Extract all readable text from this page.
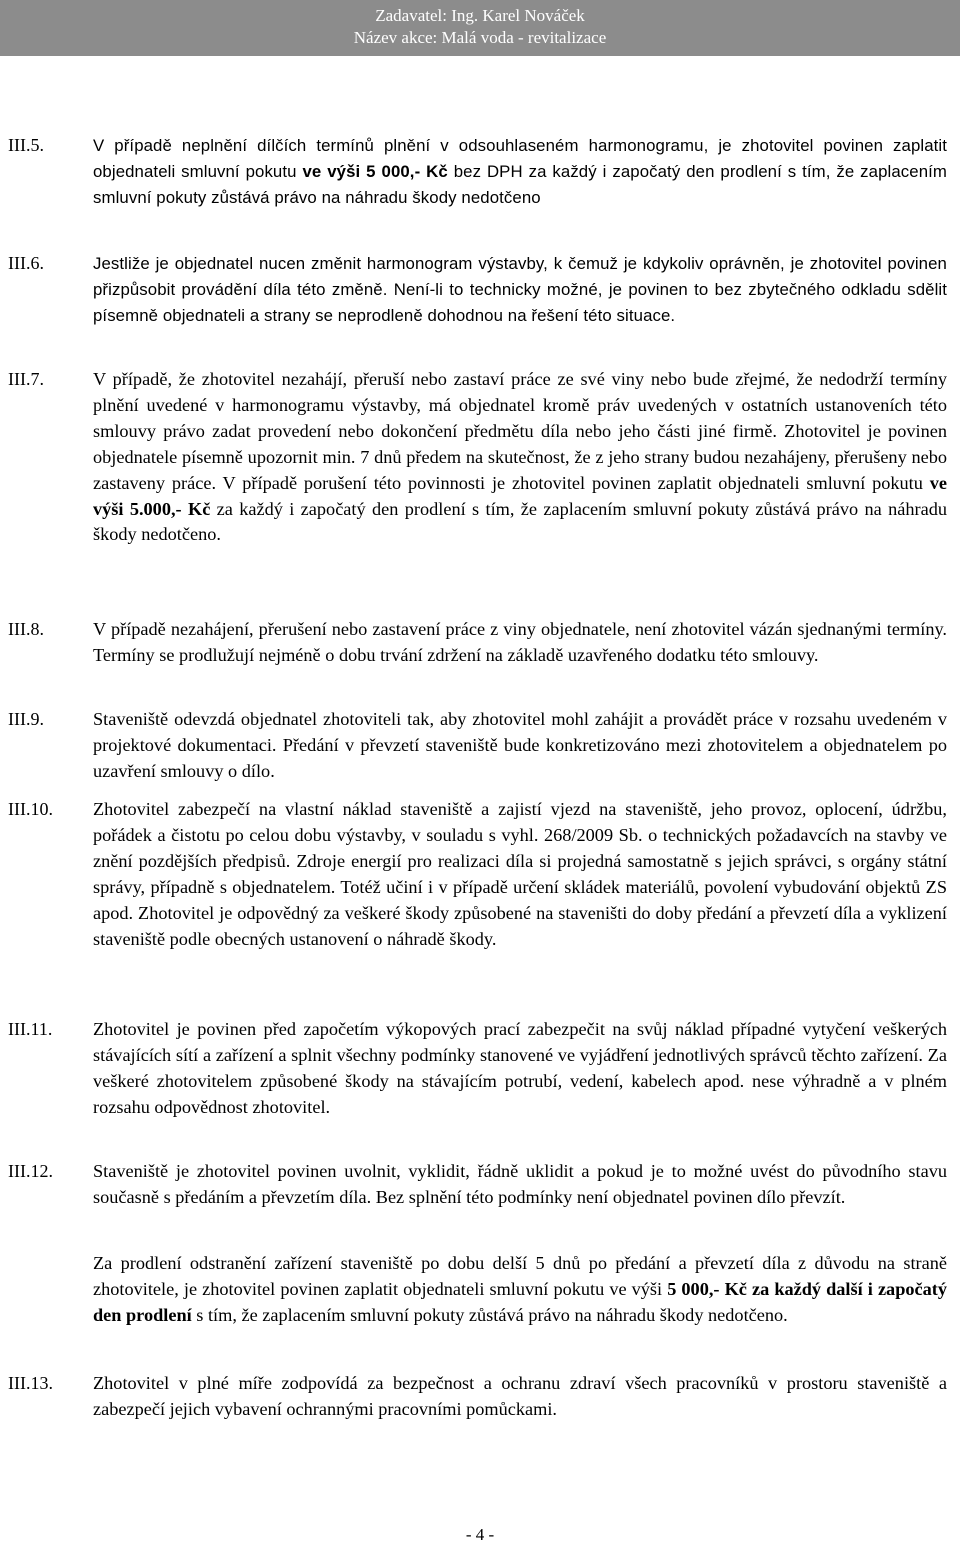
Zadavatel: Ing. Karel Nováček
Název akce: Malá voda - revitalizace
III.5.	V případě neplnění dílčích termínů plnění v odsouhlaseném harmonogramu, je zhotovitel povinen zaplatit objednateli smluvní pokutu ve výši 5 000,- Kč bez DPH za každý i započatý den prodlení s tím, že zaplacením smluvní pokuty zůstává právo na náhradu škody nedotčeno

III.6.	Jestliže je objednatel nucen změnit harmonogram výstavby, k čemuž je kdykoliv oprávněn, je zhotovitel povinen přizpůsobit provádění díla této změně. Není-li to technicky možné, je povinen to bez zbytečného odkladu sdělit písemně objednateli a strany se neprodleně dohodnou na řešení této situace.

III.7.	V případě, že zhotovitel nezahájí, přeruší nebo zastaví práce ze své viny nebo bude zřejmé, že nedodrží termíny plnění uvedené v harmonogramu výstavby, má objednatel kromě práv uvedených v ostatních ustanoveních této smlouvy právo zadat provedení nebo dokončení předmětu díla nebo jeho části jiné firmě. Zhotovitel je povinen objednatele písemně upozornit min. 7 dnů předem na skutečnost, že z jeho strany budou nezahájeny, přerušeny nebo zastaveny práce. V případě porušení této povinnosti je zhotovitel povinen zaplatit objednateli smluvní pokutu ve výši 5.000,- Kč za každý i započatý den prodlení s tím, že zaplacením smluvní pokuty zůstává právo na náhradu škody nedotčeno.

III.8.	V případě nezahájení, přerušení nebo zastavení práce z viny objednatele, není zhotovitel vázán sjednanými termíny. Termíny se prodlužují nejméně o dobu trvání zdržení na základě uzavřeného dodatku této smlouvy.

III.9.	Staveniště odevzdá objednatel zhotoviteli tak, aby zhotovitel mohl zahájit a provádět práce v rozsahu uvedeném v projektové dokumentaci. Předání v převzetí staveniště bude konkretizováno mezi zhotovitelem a objednatelem po uzavření smlouvy o dílo.

III.10. Zhotovitel zabezpečí na vlastní náklad staveniště a zajistí vjezd na staveniště, jeho provoz, oplocení, údržbu, pořádek a čistotu po celou dobu výstavby, v souladu s vyhl. 268/2009 Sb. o technických požadavcích na stavby ve znění pozdějších předpisů. Zdroje energií pro realizaci díla si projedná samostatně s jejich správci, s orgány státní správy, případně s objednatelem. Totéž učiní i v případě určení skládek materiálů, povolení vybudování objektů ZS apod. Zhotovitel je odpovědný za veškeré škody způsobené na staveništi do doby předání a převzetí díla a vyklizení staveniště podle obecných ustanovení o náhradě škody.

III.11. Zhotovitel je povinen před započetím výkopových prací zabezpečit na svůj náklad případné vytyčení veškerých stávajících sítí a zařízení a splnit všechny podmínky stanovené ve vyjádření jednotlivých správců těchto zařízení. Za veškeré zhotovitelem způsobené škody na stávajícím potrubí, vedení, kabelech apod. nese výhradně a v plném rozsahu odpovědnost zhotovitel.

III.12. Staveniště je zhotovitel povinen uvolnit, vyklidit, řádně uklidit a pokud je to možné uvést do původního stavu současně s předáním a převzetím díla. Bez splnění této podmínky není objednatel povinen dílo převzít.

Za prodlení odstranění zařízení staveniště po dobu delší 5 dnů po předání a převzetí díla z důvodu na straně zhotovitele, je zhotovitel povinen zaplatit objednateli smluvní pokutu ve výši 5 000,- Kč za každý další i započatý den prodlení s tím, že zaplacením smluvní pokuty zůstává právo na náhradu škody nedotčeno.

III.13. Zhotovitel v plné míře zodpovídá za bezpečnost a ochranu zdraví všech pracovníků v prostoru staveniště a zabezpečí jejich vybavení ochrannými pracovními pomůckami.

- 4 -
